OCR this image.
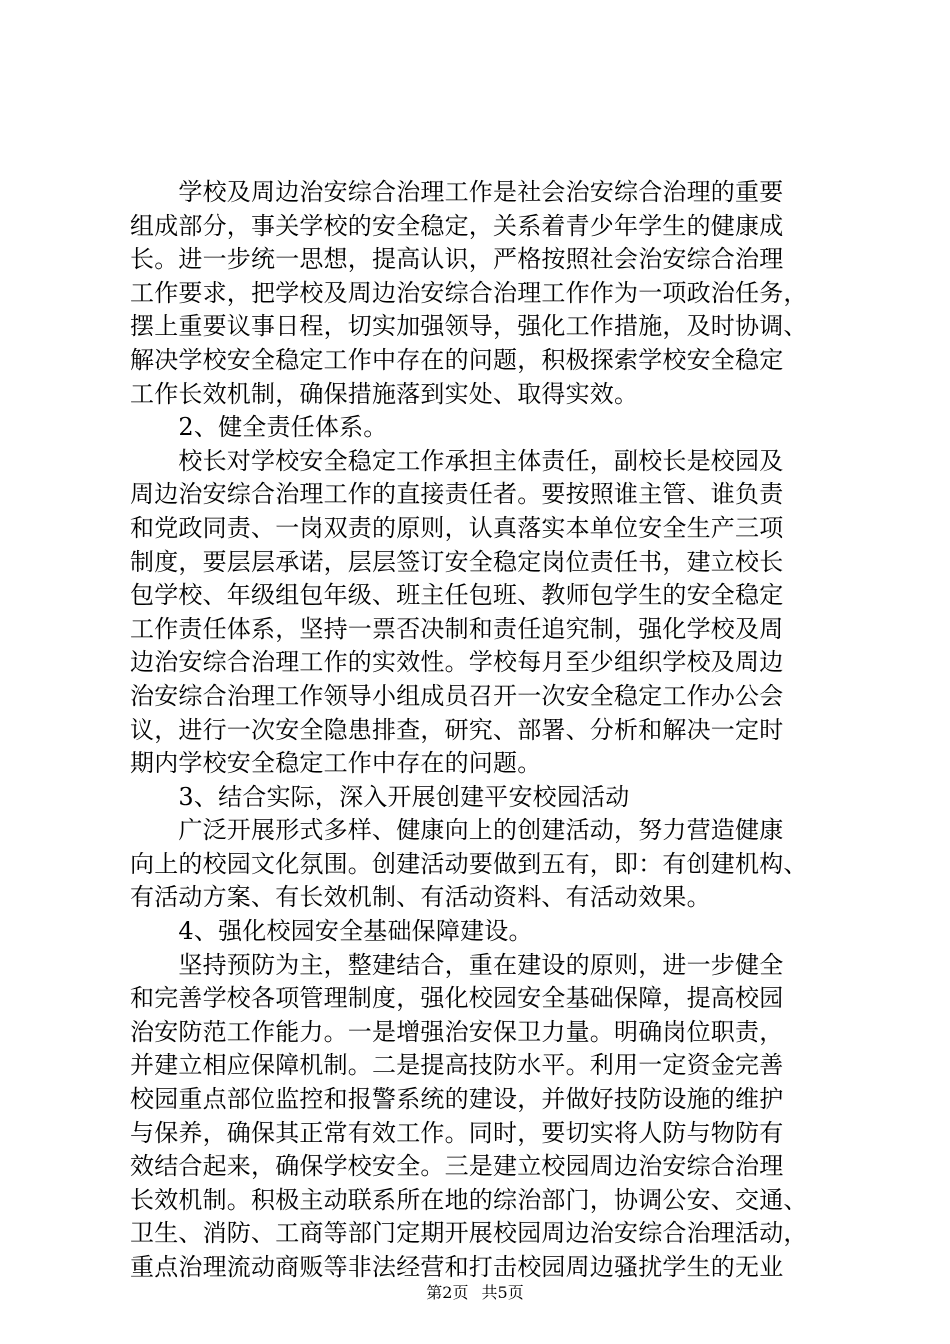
　　学校及周边治安综合治理工作是社会治安综合治理的重要
组成部分，事关学校的安全稳定，关系着青少年学生的健康成
长。进一步统一思想，提高认识，严格按照社会治安综合治理
工作要求，把学校及周边治安综合治理工作作为一项政治任务，
摆上重要议事日程，切实加强领导，强化工作措施，及时协调、
解决学校安全稳定工作中存在的问题，积极探索学校安全稳定
工作长效机制，确保措施落到实处、取得实效。
　　2、健全责任体系。
　　校长对学校安全稳定工作承担主体责任，副校长是校园及
周边治安综合治理工作的直接责任者。要按照谁主管、谁负责
和党政同责、一岗双责的原则，认真落实本单位安全生产三项
制度，要层层承诺，层层签订安全稳定岗位责任书，建立校长
包学校、年级组包年级、班主任包班、教师包学生的安全稳定
工作责任体系，坚持一票否决制和责任追究制，强化学校及周
边治安综合治理工作的实效性。学校每月至少组织学校及周边
治安综合治理工作领导小组成员召开一次安全稳定工作办公会
议，进行一次安全隐患排查，研究、部署、分析和解决一定时
期内学校安全稳定工作中存在的问题。
　　3、结合实际，深入开展创建平安校园活动
　　广泛开展形式多样、健康向上的创建活动，努力营造健康
向上的校园文化氛围。创建活动要做到五有，即：有创建机构、
有活动方案、有长效机制、有活动资料、有活动效果。
　　4、强化校园安全基础保障建设。
　　坚持预防为主，整建结合，重在建设的原则，进一步健全
和完善学校各项管理制度，强化校园安全基础保障，提高校园
治安防范工作能力。一是增强治安保卫力量。明确岗位职责，
并建立相应保障机制。二是提高技防水平。利用一定资金完善
校园重点部位监控和报警系统的建设，并做好技防设施的维护
与保养，确保其正常有效工作。同时，要切实将人防与物防有
效结合起来，确保学校安全。三是建立校园周边治安综合治理
长效机制。积极主动联系所在地的综治部门，协调公安、交通、
卫生、消防、工商等部门定期开展校园周边治安综合治理活动，
重点治理流动商贩等非法经营和打击校园周边骚扰学生的无业
第2页 共5页
